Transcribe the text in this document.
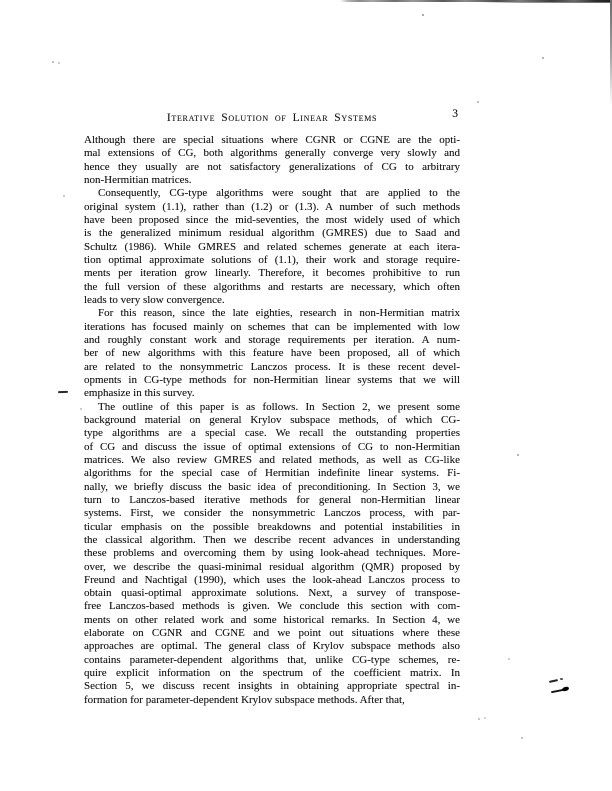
Iterative Solution of Linear Systems	3
Although there are special situations where CGNR or CGNE are the opti-
mal extensions of CG, both algorithms generally converge very slowly and
hence they usually are not satisfactory generalizations of CG to arbitrary
non-Hermitian matrices.
Consequently, CG-type algorithms were sought that are applied to the
original system (1.1), rather than (1.2) or (1.3). A number of such methods
have been proposed since the mid-seventies, the most widely used of which
is the generalized minimum residual algorithm (GMRES) due to Saad and
Schultz (1986). While GMRES and related schemes generate at each itera-
tion optimal approximate solutions of (1.1), their work and storage require-
ments per iteration grow linearly. Therefore, it becomes prohibitive to run
the full version of these algorithms and restarts are necessary, which often
leads to very slow convergence.
For this reason, since the late eighties, research in non-Hermitian matrix
iterations has focused mainly on schemes that can be implemented with low
and roughly constant work and storage requirements per iteration. A num-
ber of new algorithms with this feature have been proposed, all of which
are related to the nonsymmetric Lanczos process. It is these recent devel-
opments in CG-type methods for non-Hermitian linear systems that we will
emphasize in this survey.
The outline of this paper is as follows. In Section 2, we present some
background material on general Krylov subspace methods, of which CG-
type algorithms are a special case. We recall the outstanding properties
of CG and discuss the issue of optimal extensions of CG to non-Hermitian
matrices. We also review GMRES and related methods, as well as CG-like
algorithms for the special case of Hermitian indefinite linear systems. Fi-
nally, we briefly discuss the basic idea of preconditioning. In Section 3, we
turn to Lanczos-based iterative methods for general non-Hermitian linear
systems. First, we consider the nonsymmetric Lanczos process, with par-
ticular emphasis on the possible breakdowns and potential instabilities in
the classical algorithm. Then we describe recent advances in understanding
these problems and overcoming them by using look-ahead techniques. More-
over, we describe the quasi-minimal residual algorithm (QMR) proposed by
Freund and Nachtigal (1990), which uses the look-ahead Lanczos process to
obtain quasi-optimal approximate solutions. Next, a survey of transpose-
free Lanczos-based methods is given. We conclude this section with com-
ments on other related work and some historical remarks. In Section 4, we
elaborate on CGNR and CGNE and we point out situations where these
approaches are optimal. The general class of Krylov subspace methods also
contains parameter-dependent algorithms that, unlike CG-type schemes, re-
quire explicit information on the spectrum of the coefficient matrix. In
Section 5, we discuss recent insights in obtaining appropriate spectral in-
formation for parameter-dependent Krylov subspace methods. After that,
